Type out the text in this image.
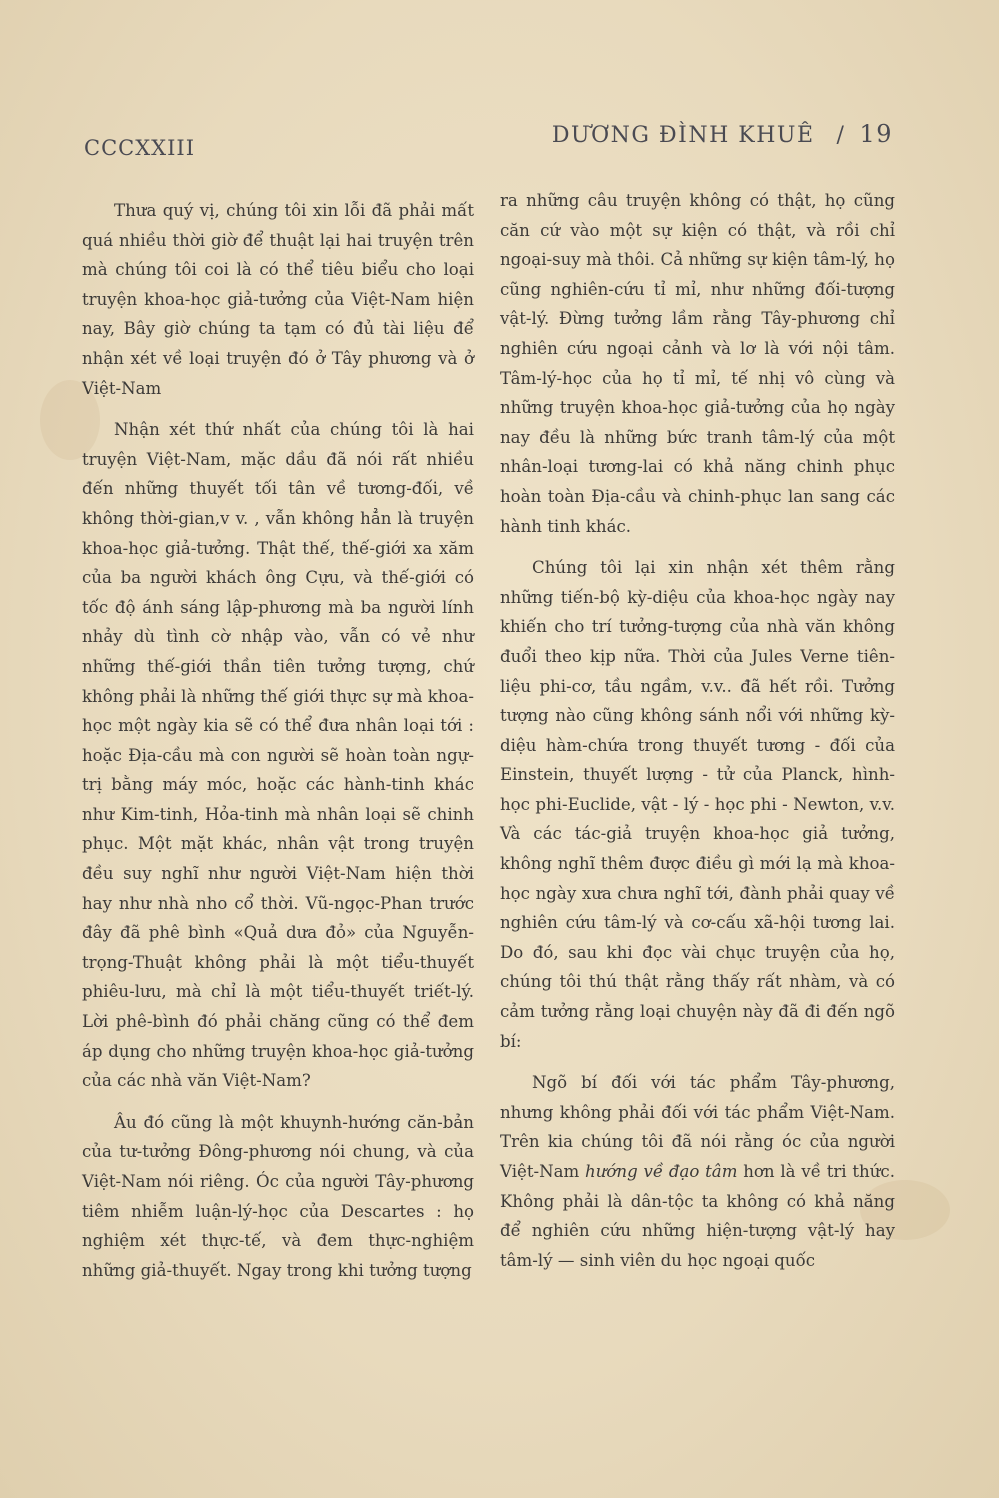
CCCXXIII	DƯƠNG ĐÌNH KHUÊ / 19

Thưa quý vị, chúng tôi xin lỗi đã phải mất quá nhiều thời giờ để thuật lại hai truyện trên mà chúng tôi coi là có thể tiêu biểu cho loại truyện khoa-học giả-tưởng của Việt-Nam hiện nay, Bây giờ chúng ta tạm có đủ tài liệu để nhận xét về loại truyện đó ở Tây phương và ở Việt-Nam

Nhận xét thứ nhất của chúng tôi là hai truyện Việt-Nam, mặc dầu đã nói rất nhiều đến những thuyết tối tân về tương-đối, về không thời-gian,v v. , vẫn không hẳn là truyện khoa-học giả-tưởng. Thật thế, thế-giới xa xăm của ba người khách ông Cựu, và thế-giới có tốc độ ánh sáng lập-phương mà ba người lính nhảy dù tình cờ nhập vào, vẫn có vẻ như những thế-giới thần tiên tưởng tượng, chứ không phải là những thế giới thực sự mà khoa-học một ngày kia sẽ có thể đưa nhân loại tới : hoặc Địa-cầu mà con người sẽ hoàn toàn ngự-trị bằng máy móc, hoặc các hành-tinh khác như Kim-tinh, Hỏa-tinh mà nhân loại sẽ chinh phục. Một mặt khác, nhân vật trong truyện đều suy nghĩ như người Việt-Nam hiện thời hay như nhà nho cổ thời. Vũ-ngọc-Phan trước đây đã phê bình «Quả dưa đỏ» của Nguyễn-trọng-Thuật không phải là một tiểu-thuyết phiêu-lưu, mà chỉ là một tiểu-thuyết triết-lý. Lời phê-bình đó phải chăng cũng có thể đem áp dụng cho những truyện khoa-học giả-tưởng của các nhà văn Việt-Nam?

Âu đó cũng là một khuynh-hướng căn-bản của tư-tưởng Đông-phương nói chung, và của Việt-Nam nói riêng. Óc của người Tây-phương tiêm nhiễm luận-lý-học của Descartes : họ nghiệm xét thực-tế, và đem thực-nghiệm những giả-thuyết. Ngay trong khi tưởng tượng

ra những câu truyện không có thật, họ cũng căn cứ vào một sự kiện có thật, và rồi chỉ ngoại-suy mà thôi. Cả những sự kiện tâm-lý, họ cũng nghiên-cứu tỉ mỉ, như những đối-tượng vật-lý. Đừng tưởng lầm rằng Tây-phương chỉ nghiên cứu ngoại cảnh và lơ là với nội tâm. Tâm-lý-học của họ tỉ mỉ, tế nhị vô cùng và những truyện khoa-học giả-tưởng của họ ngày nay đều là những bức tranh tâm-lý của một nhân-loại tương-lai có khả năng chinh phục hoàn toàn Địa-cầu và chinh-phục lan sang các hành tinh khác.

Chúng tôi lại xin nhận xét thêm rằng những tiến-bộ kỳ-diệu của khoa-học ngày nay khiến cho trí tưởng-tượng của nhà văn không đuổi theo kịp nữa. Thời của Jules Verne tiên-liệu phi-cơ, tầu ngầm, v.v.. đã hết rồi. Tưởng tượng nào cũng không sánh nổi với những kỳ-diệu hàm-chứa trong thuyết tương - đối của Einstein, thuyết lượng - tử của Planck, hình-học phi-Euclide, vật - lý - học phi - Newton, v.v. Và các tác-giả truyện khoa-học giả tưởng, không nghĩ thêm được điều gì mới lạ mà khoa-học ngày xưa chưa nghĩ tới, đành phải quay về nghiên cứu tâm-lý và cơ-cấu xã-hội tương lai. Do đó, sau khi đọc vài chục truyện của họ, chúng tôi thú thật rằng thấy rất nhàm, và có cảm tưởng rằng loại chuyện này đã đi đến ngõ bí:

Ngõ bí đối với tác phẩm Tây-phương, nhưng không phải đối với tác phẩm Việt-Nam. Trên kia chúng tôi đã nói rằng óc của người Việt-Nam hướng về đạo tâm hơn là về tri thức. Không phải là dân-tộc ta không có khả năng để nghiên cứu những hiện-tượng vật-lý hay tâm-lý — sinh viên du học ngoại quốc
